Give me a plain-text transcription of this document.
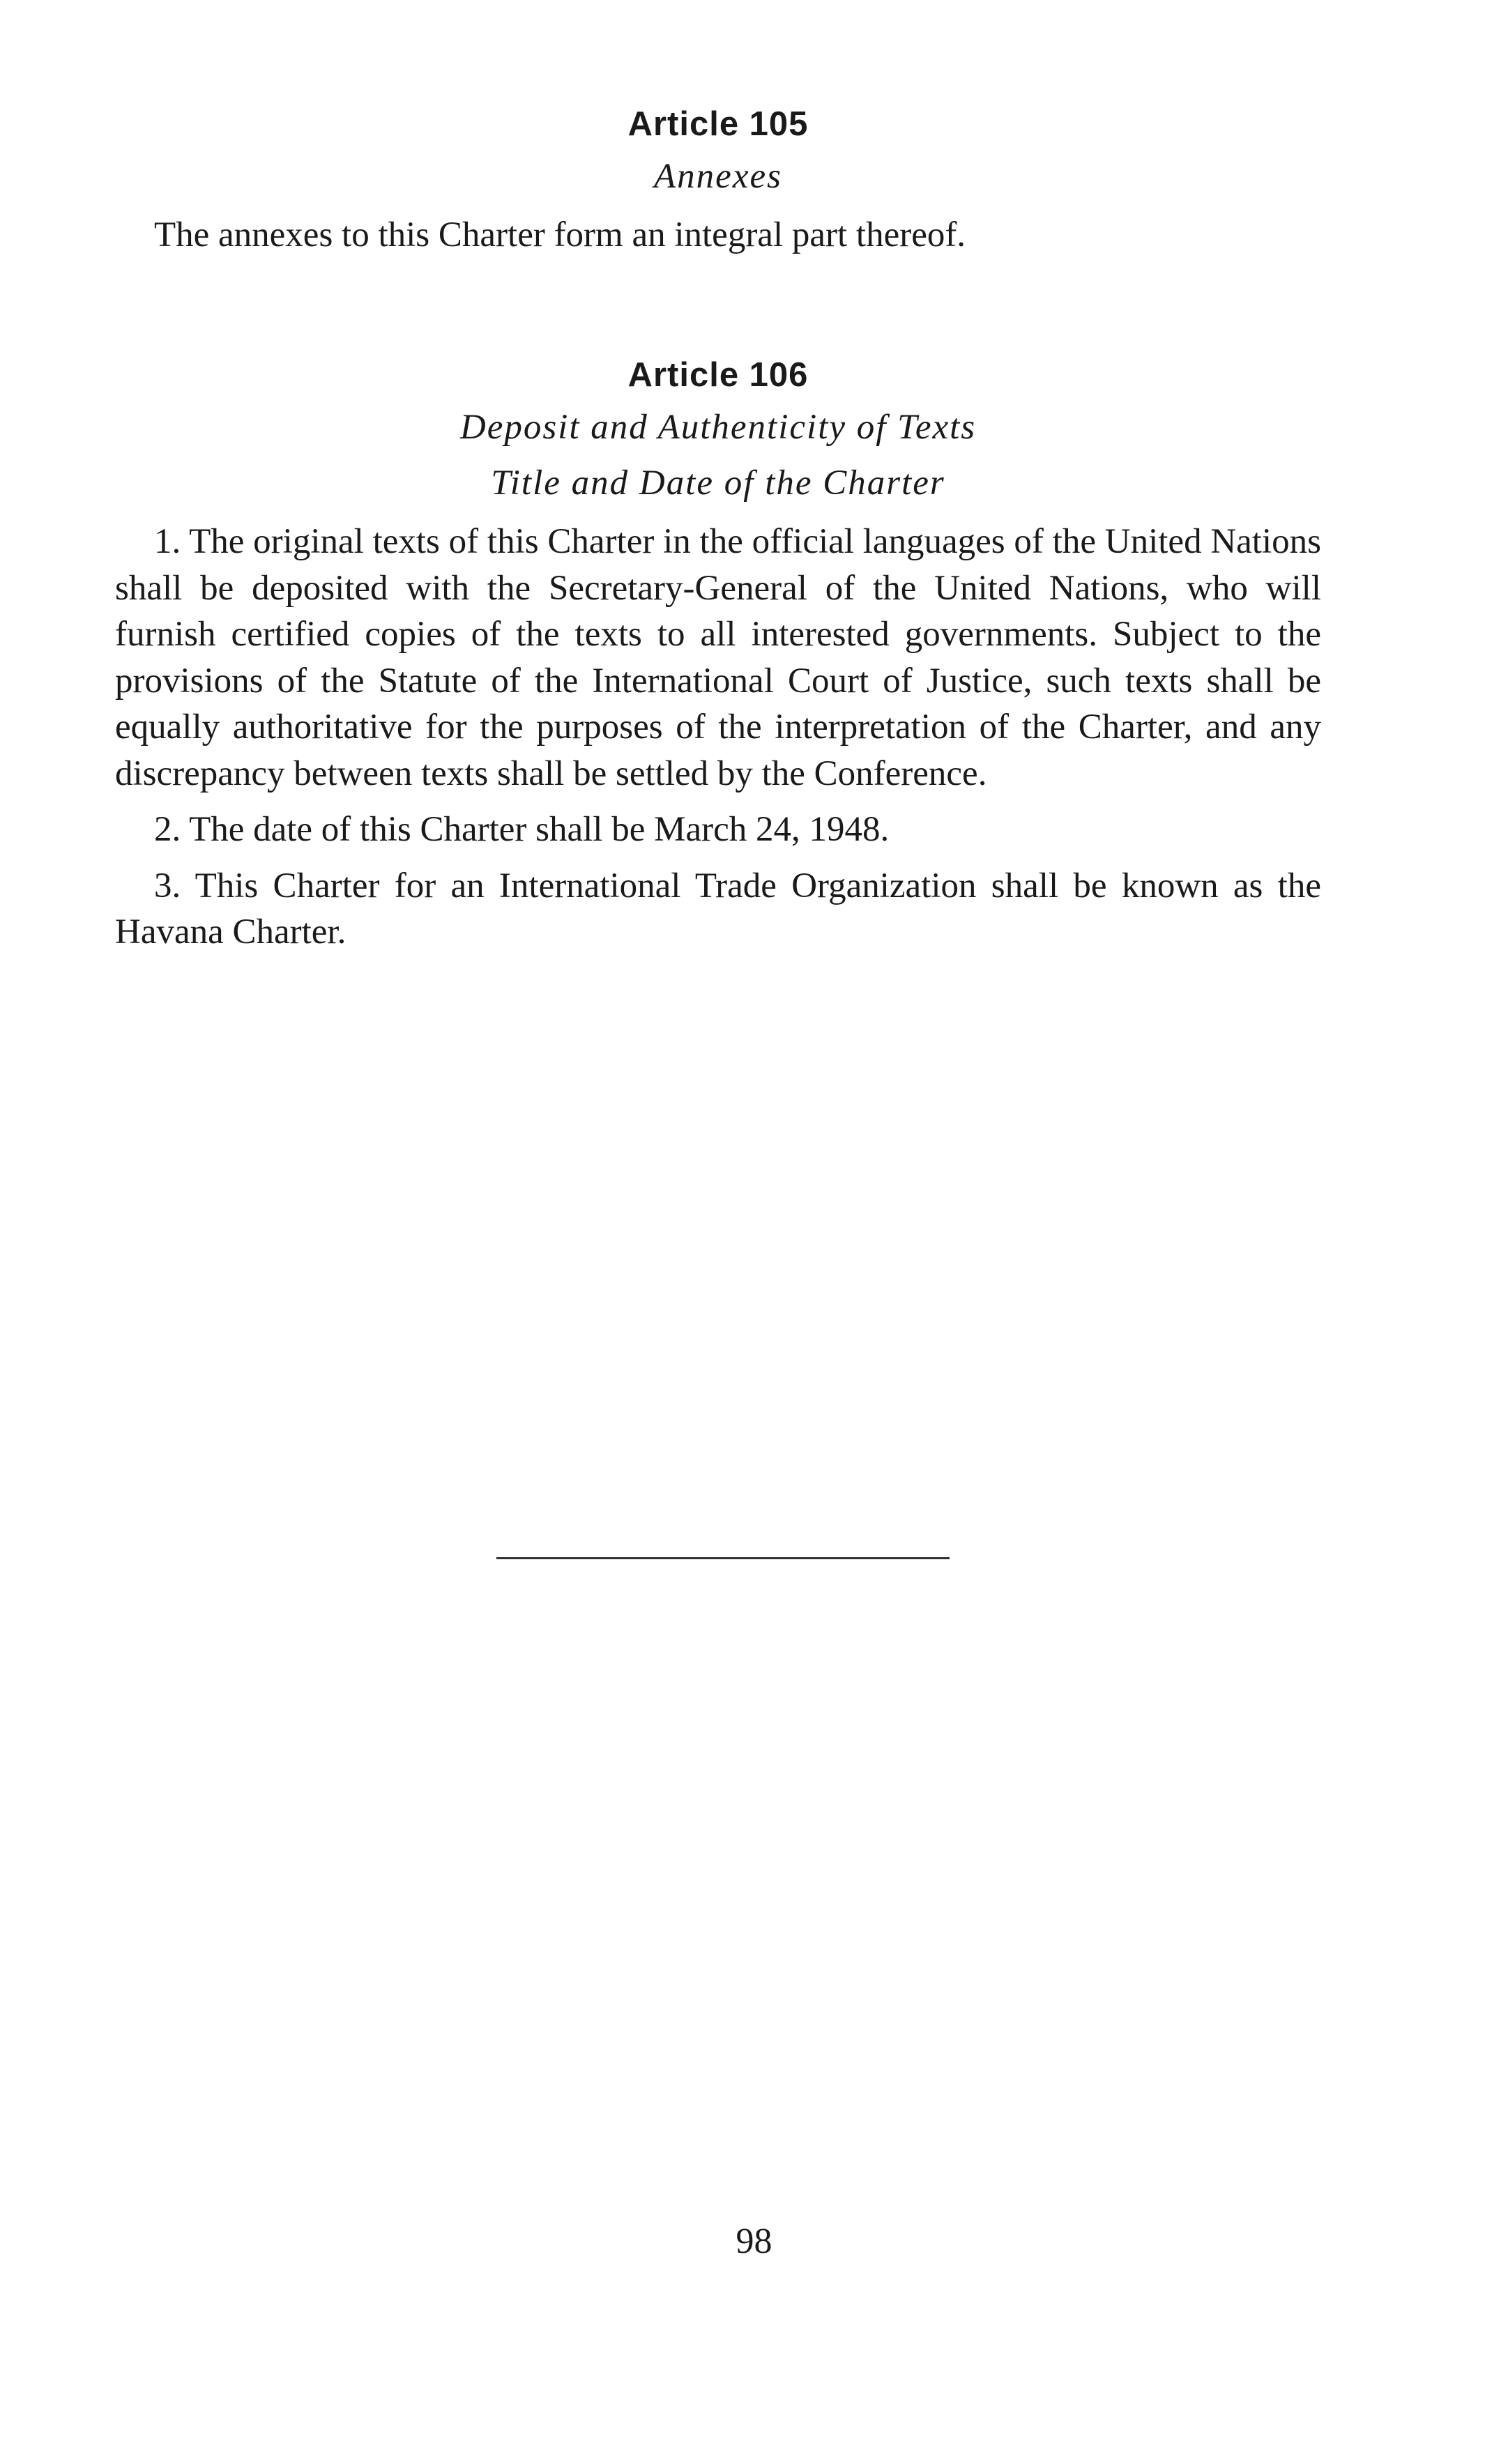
Article 105
Annexes

The annexes to this Charter form an integral part thereof.

Article 106
Deposit and Authenticity of Texts
Title and Date of the Charter

1. The original texts of this Charter in the official languages of the United Nations shall be deposited with the Secretary-General of the United Nations, who will furnish certified copies of the texts to all interested governments. Subject to the provisions of the Statute of the International Court of Justice, such texts shall be equally authoritative for the purposes of the interpretation of the Charter, and any discrepancy between texts shall be settled by the Conference.

2. The date of this Charter shall be March 24, 1948.

3. This Charter for an International Trade Organization shall be known as the Havana Charter.

98
